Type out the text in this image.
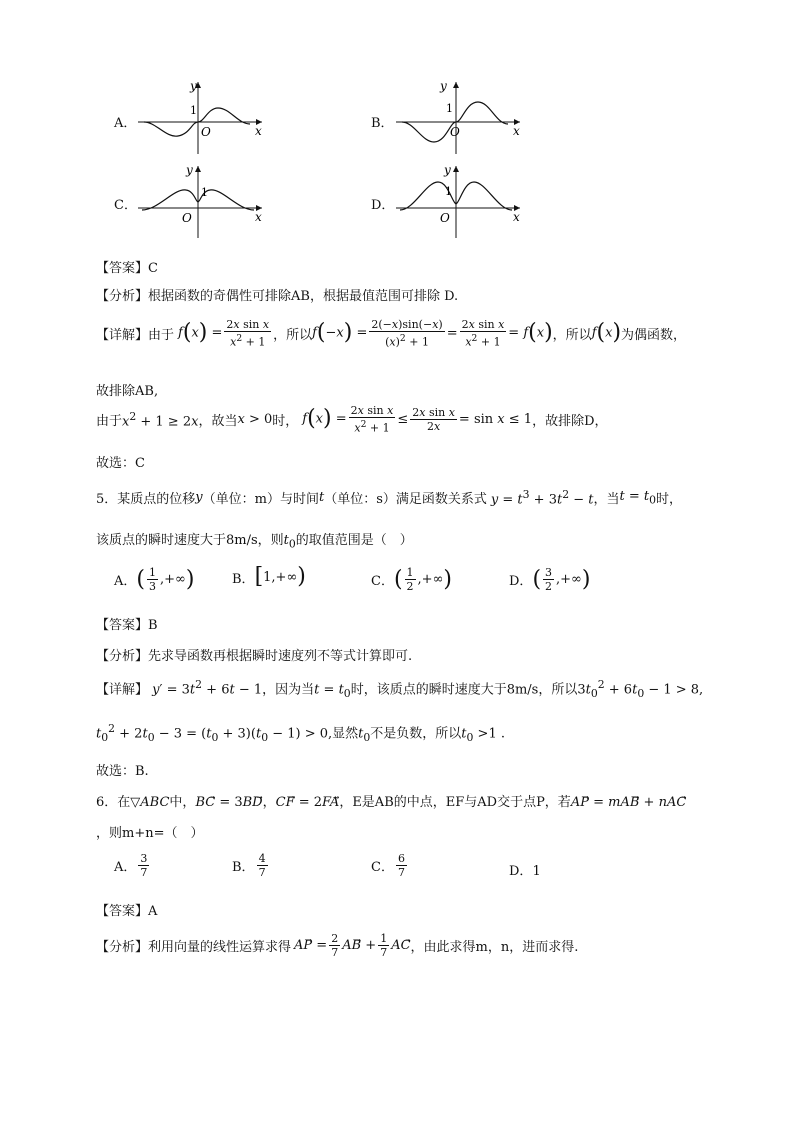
A．	B．
C．	D．
y
1
O	x
y
1
O	x
y
1
O	x
y
1
O	x
【答案】C
【分析】根据函数的奇偶性可排除AB，根据最值范围可排除 D.
【详解】 由于 $f(x) = \frac{\text{2x sin x}}{x^2 + 1}$ ，所以 $f(-x) = \frac{2(-x)\sin(-x)}{(x)^2 + 1} = \frac{\text{2x sin x}}{x^2 + 1} = f(x)$ ，所以 f(x) 为偶函数，
故排除AB,
由于 $x^2 + 1 \ge 2x$ ，故当 x > 0 时， $f(x) = \frac{\text{2x sin x}}{x^2 + 1} \le \frac{\text{2x sin x}}{2x} = \sin x \le 1$ ，故排除D，
故选：C
5．某质点的位移 y （单位：m）与时间 t （单位：s）满足函数关系式 $y = t^3 + 3t^2 - t$ ，当 $t = t_0$ 时，
该质点的瞬时速度大于8m/s，则$t_0$的取值范围是（　）
A． ( $\frac{1}{3}$ ,+∞ )	B． [ 1,+∞ )	C． ( $\frac{1}{2}$ ,+∞ )	D． ( $\frac{3}{2}$ ,+∞ )
【答案】B
【分析】先求导函数再根据瞬时速度列不等式计算即可.
【详解】 $y' = 3t^2 + 6t - 1$，因为当$t = t_0$时，该质点的瞬时速度大于8m/s，所以$3t_0^2 + 6t_0 - 1 > 8$,
$t_0^2 + 2t_0 - 3 = (t_0 + 3)(t_0 - 1) > 0$,显然$t_0$不是负数，所以$t_0 >1$ .
故选：B.
6．在▽ABC中，BC⃗ = 3BD，CF⃗ = 2FA，E是AB的中点，EF与AD交于点P，若AP⃗ = mAB⃗ + nAC
，则m+n=（　）
A． $\frac{3}{7}$	B． $\frac{4}{7}$	C． $\frac{6}{7}$	D．1
【答案】A
【分析】 利用向量的线性运算求得 AP⃗ = $\frac{2}{7}$ AB⃗ + $\frac{1}{7}$ AC ，由此求得 m，n，进而求得.
